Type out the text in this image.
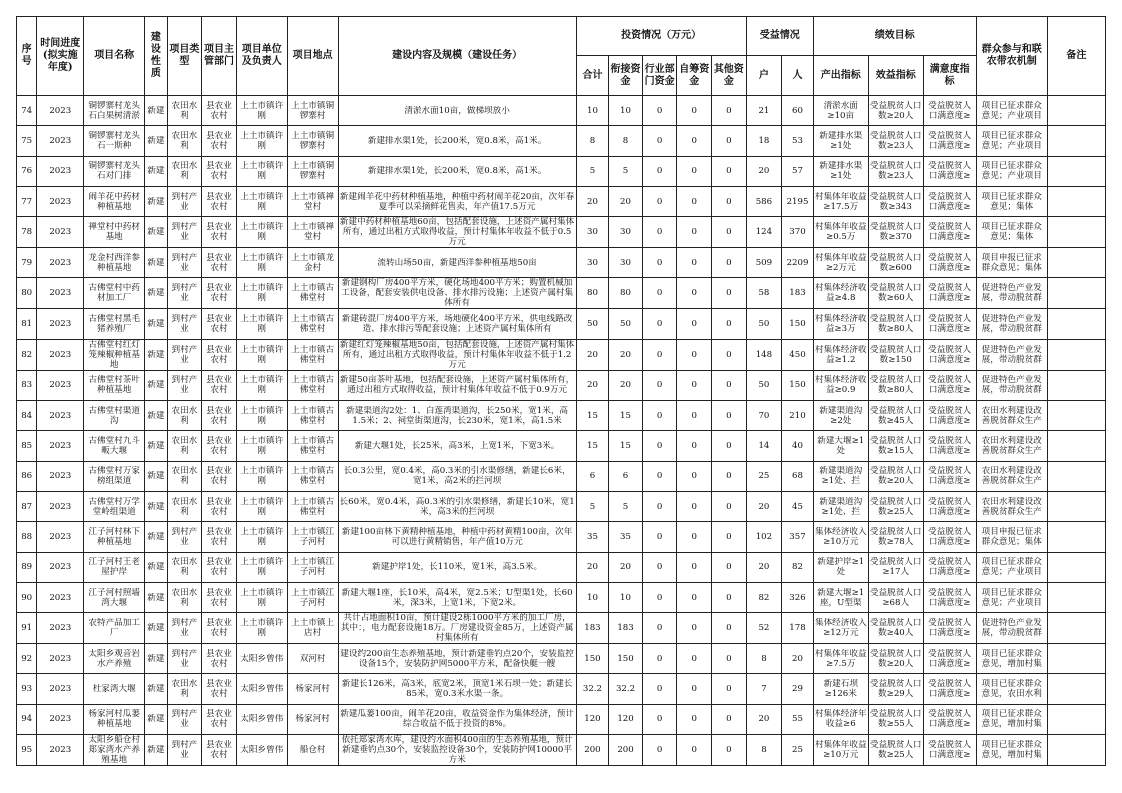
序号	时间进度(拟实施年度)	项目名称	建设性质	项目类型	项目主管部门	项目单位及负责人	项目地点	建设内容及规模（建设任务）	投资情况（万元）					受益情况		绩效目标			群众参与和联农带农机制	备注
									合计	衔接资金	行业部门资金	自筹资金	其他资金	户	人	产出指标	效益指标	满意度指标		

74	2023	铜锣寨村龙头石白果树清淤	新建	农田水利	县农业农村	上土市镇许刚	上土市镇铜锣寨村	清淤水面10亩，做梯坝放小	10	10	0	0	0	21	60	清淤水面≥10亩	受益脱贫人口数≥20人	受益脱贫人口满意度≥	项目已征求群众意见；产业项目	

75	2023	铜锣寨村龙头石一斯种	新建	农田水利	县农业农村	上土市镇许刚	上土市镇铜锣寨村	新建排水渠1处，长200米，宽0.8米，高1米。	8	8	0	0	0	18	53	新建排水渠≥1处	受益脱贫人口数≥23人	受益脱贫人口满意度≥	项目已征求群众意见；产业项目	

76	2023	铜锣寨村龙头石对门排	新建	农田水利	县农业农村	上土市镇许刚	上土市镇铜锣寨村	新建排水渠1处，长200米，宽0.8米，高1米。	5	5	0	0	0	20	57	新建排水渠≥1处	受益脱贫人口数≥23人	受益脱贫人口满意度≥	项目已征求群众意见；产业项目	

77	2023	闹羊花中药材种植基地	新建	到村产业	县农业农村	上土市镇许刚	上土市镇禅堂村	新建闹羊花中药材种植基地，种植中药材闹羊花20亩，次年春夏季可以采摘鲜花售卖，年产值17.5万元	20	20	0	0	0	586	2195	村集体年收益≥17.5万	受益脱贫人口数≥343	受益脱贫人口满意度≥	项目已征求群众意见；集体	

78	2023	禅堂村中药材基地	新建	到村产业	县农业农村	上土市镇许刚	上土市镇禅堂村	新建中药材种植基地60亩，包括配套设施，上述资产属村集体所有，通过出租方式取得收益，预计村集体年收益不低于0.5万元	30	30	0	0	0	124	370	村集体年收益≥0.5万	受益脱贫人口数≥370	受益脱贫人口满意度≥	项目已征求群众意见；集体	

79	2023	龙金村西洋参种植基地	新建	到村产业	县农业农村	上土市镇许刚	上土市镇龙金村	流转山场50亩，新建西洋参种植基地50亩	30	30	0	0	0	509	2209	村集体年收益≥2万元	受益脱贫人口数≥600	受益脱贫人口满意度≥	项目申报已征求群众意见；集体	

80	2023	古佛堂村中药材加工厂	新建	到村产业	县农业农村	上土市镇许刚	上土市镇古佛堂村	新建钢构厂房400平方米，硬化场地400平方米；购置机械加工设备，配套安装供电设备、排水排污设施；上述资产属村集体所有	80	80	0	0	0	58	183	村集体经济收益≥4.8	受益脱贫人口数≥60人	受益脱贫人口满意度≥	促进特色产业发展，带动脱贫群	

81	2023	古佛堂村黑毛猪养殖厂	新建	到村产业	县农业农村	上土市镇许刚	上土市镇古佛堂村	新建砖混厂房400平方米，场地硬化400平方米，供电线路改造、排水排污等配套设施；上述资产属村集体所有	50	50	0	0	0	50	150	村集体经济收益≥3万	受益脱贫人口数≥80人	受益脱贫人口满意度≥	促进特色产业发展，带动脱贫群	

82	2023	古佛堂村红灯笼辣椒种植基地	新建	到村产业	县农业农村	上土市镇许刚	上土市镇古佛堂村	新建红灯笼辣椒基地50亩，包括配套设施，上述资产属村集体所有，通过出租方式取得收益，预计村集体年收益不低于1.2万元	20	20	0	0	0	148	450	村集体经济收益≥1.2	受益脱贫人口数≥150	受益脱贫人口满意度≥	促进特色产业发展，带动脱贫群	

83	2023	古佛堂村茶叶种植基地	新建	到村产业	县农业农村	上土市镇许刚	上土市镇古佛堂村	新建50亩茶叶基地，包括配套设施，上述资产属村集体所有，通过出租方式取得收益，预计村集体年收益不低于0.9万元	20	20	0	0	0	50	150	村集体经济收益≥0.9	受益脱贫人口数≥80人	受益脱贫人口满意度≥	促进特色产业发展，带动脱贫群	

84	2023	古佛堂村渠道沟	新建	农田水利	县农业农村	上土市镇许刚	上土市镇古佛堂村	新建渠道沟2处：1、白莲湾渠道沟，长250米，宽1米，高1.5米；2、祠堂街渠道沟，长230米，宽1米，高1.5米	15	15	0	0	0	70	210	新建渠道沟≥2处	受益脱贫人口数≥45人	受益脱贫人口满意度≥	农田水利建设改善脱贫群众生产	

85	2023	古佛堂村九斗畈大堰	新建	农田水利	县农业农村	上土市镇许刚	上土市镇古佛堂村	新建大堰1处，长25米，高3米，上宽1米，下宽3米。	15	15	0	0	0	14	40	新建大堰≥1处	受益脱贫人口数≥15人	受益脱贫人口满意度≥	农田水利建设改善脱贫群众生产	

86	2023	古佛堂村万家榜组渠道	新建	农田水利	县农业农村	上土市镇许刚	上土市镇古佛堂村	长0.3公里，宽0.4米，高0.3米的引水渠修缮，新建长6米，宽1米，高2米的拦河坝	6	6	0	0	0	25	68	新建渠道沟≥1处、拦	受益脱贫人口数≥20人	受益脱贫人口满意度≥	农田水利建设改善脱贫群众生产	

87	2023	古佛堂村万学堂岭组渠道	新建	农田水利	县农业农村	上土市镇许刚	上土市镇古佛堂村	长60米，宽0.4米，高0.3米的引水渠修缮，新建长10米，宽1米，高3米的拦河坝	5	5	0	0	0	20	45	新建渠道沟≥1处、拦	受益脱贫人口数≥25人	受益脱贫人口满意度≥	农田水利建设改善脱贫群众生产	

88	2023	江子河村林下种植基地	新建	到村产业	县农业农村	上土市镇许刚	上土市镇江子河村	新建100亩林下黄精种植基地，种植中药材黄精100亩，次年可以进行黄精销售，年产值10万元	35	35	0	0	0	102	357	集体经济收入≥10万元	受益脱贫人口数≥78人	受益脱贫人口满意度≥	项目申报已征求群众意见；集体	

89	2023	江子河村王老屋护岸	新建	农田水利	县农业农村	上土市镇许刚	上土市镇江子河村	新建护岸1处，长110米，宽1米，高3.5米。	20	20	0	0	0	20	82	新建护岸≥1处	受益脱贫人口≥17人	受益脱贫人口满意度≥	项目已征求群众意见；产业项目	

90	2023	江子河村照墙湾大堰	新建	农田水利	县农业农村	上土市镇许刚	上土市镇江子河村	新建大堰1座，长10米，高4米，宽2.5米；U型渠1处，长60米，深3米，上宽1米，下宽2米。	10	10	0	0	0	82	326	新建大堰≥1座，U型渠	受益脱贫人口≥68人	受益脱贫人口满意度≥	项目已征求群众意见；产业项目	

91	2023	农特产品加工厂	新建	到村产业	县农业农村	上土市镇许刚	上土市镇上店村	共计占地面积10亩，预计建设2栋1000平方米的加工厂房，其中：，电力配套设施18万。厂房建设资金85万，上述资产属村集体所有	183	183	0	0	0	52	178	集体经济收入≥12万元	受益脱贫人口数≥40人	受益脱贫人口满意度≥	促进特色产业发展，带动脱贫群	

92	2023	太阳乡观音岩水产养殖	新建	到村产业	县农业农村	太阳乡曾伟	双河村	建设约200亩生态养殖基地，预计新建垂钓点20个，安装监控设备15个，安装防护网5000平方米，配备快艇一艘	150	150	0	0	0	8	20	村集体年收益≥7.5万	受益脱贫人口数≥20人	受益脱贫人口满意度≥	项目已征求群众意见，增加村集	

93	2023	杜家湾大堰	新建	农田水利	县农业农村	太阳乡曾伟	杨家河村	新建长126米，高3米，底宽2米，顶宽1米石坝一处；新建长85米，宽0.3米水渠一条。	32.2	32.2	0	0	0	7	29	新建石坝≥126米	受益脱贫人口数≥29人	受益脱贫人口满意度≥	项目已征求群众意见，农田水利	

94	2023	杨家河村瓜蒌种植基地	新建	到村产业	县农业农村	太阳乡曾伟	杨家河村	新建瓜蒌100亩，闹羊花20亩，收益资金作为集体经济，预计综合收益不低于投资的8%。	120	120	0	0	0	20	55	村集体经济年收益≥6	受益脱贫人口数≥55人	受益脱贫人口满意度≥	项目已征求群众意见，增加村集	

95	2023	太阳乡船仓村郑家湾水产养殖基地	新建	到村产业	县农业农村	太阳乡曾伟	船仓村	依托郑家湾水库，建设约水面积400亩的生态养殖基地，预计新建垂钓点30个，安装监控设备30个，安装防护网10000平方米	200	200	0	0	0	8	25	村集体年收益≥10万元	受益脱贫人口数≥25人	受益脱贫人口满意度≥	项目已征求群众意见，增加村集	
